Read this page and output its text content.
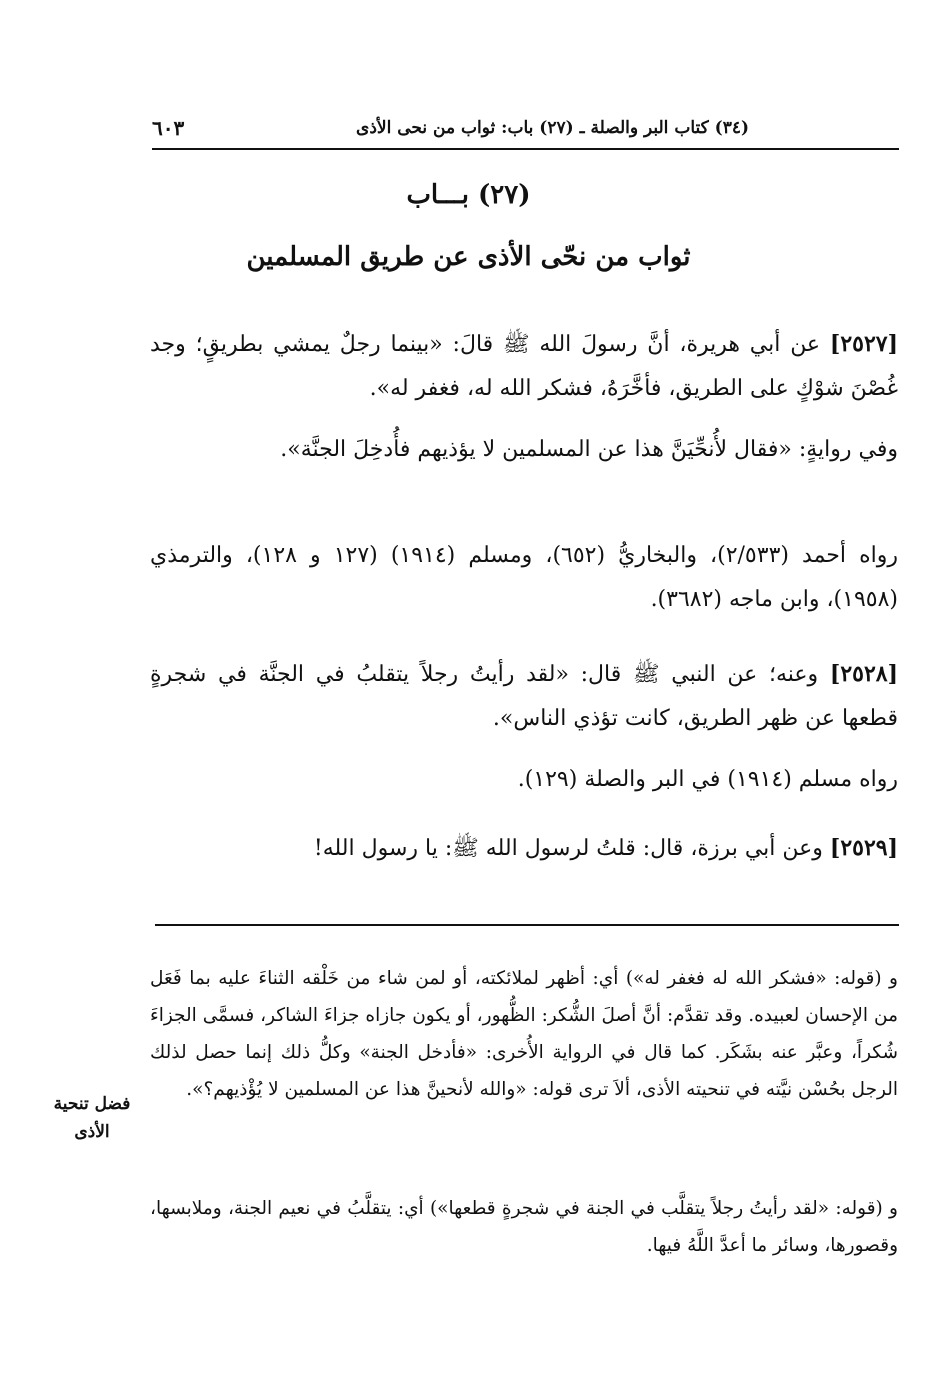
(٣٤) كتاب البر والصلة ـ (٢٧) باب: ثواب من نحى الأذى
٦٠٣
(٢٧) بـــاب
ثواب من نحّى الأذى عن طريق المسلمين
[٢٥٢٧] عن أبي هريرة، أنَّ رسولَ الله ﷺ قالَ: «بينما رجلٌ يمشي بطريقٍ؛ وجد غُصْنَ شوْكٍ على الطريق، فأخَّرَهُ، فشكر الله له، فغفر له».
وفي روايةٍ: «فقال لأُنحِّيَنَّ هذا عن المسلمين لا يؤذيهم فأُدخِلَ الجنَّة».
رواه أحمد (٢/٥٣٣)، والبخاريُّ (٦٥٢)، ومسلم (١٩١٤) (١٢٧ و ١٢٨)، والترمذي (١٩٥٨)، وابن ماجه (٣٦٨٢).
[٢٥٢٨] وعنه؛ عن النبي ﷺ قال: «لقد رأيتُ رجلاً يتقلبُ في الجنَّة في شجرةٍ قطعها عن ظهر الطريق، كانت تؤذي الناس».
رواه مسلم (١٩١٤) في البر والصلة (١٢٩).
[٢٥٢٩] وعن أبي برزة، قال: قلتُ لرسول الله ﷺ: يا رسول الله!
و (قوله: «فشكر الله له فغفر له») أي: أظهر لملائكته، أو لمن شاء من خَلْقه الثناءَ عليه بما فَعَل من الإحسان لعبيده. وقد تقدَّم: أنَّ أصلَ الشُّكر: الظُّهور، أو يكون جازاه جزاءَ الشاكر، فسمَّى الجزاءَ شُكراً، وعبَّر عنه بشَكَر. كما قال في الرواية الأُخرى: «فأدخل الجنة» وكلُّ ذلك إنما حصل لذلك الرجل بحُسْن نيَّته في تنحيته الأذى، ألاَ ترى قوله: «والله لأنحينَّ هذا عن المسلمين لا يُؤْذيهم؟».
و (قوله: «لقد رأيتُ رجلاً يتقلَّب في الجنة في شجرةٍ قطعها») أي: يتقلَّبُ في نعيم الجنة، وملابسها، وقصورها، وسائر ما أعدَّ اللَّهُ فيها.
فضل تنحية الأذى
